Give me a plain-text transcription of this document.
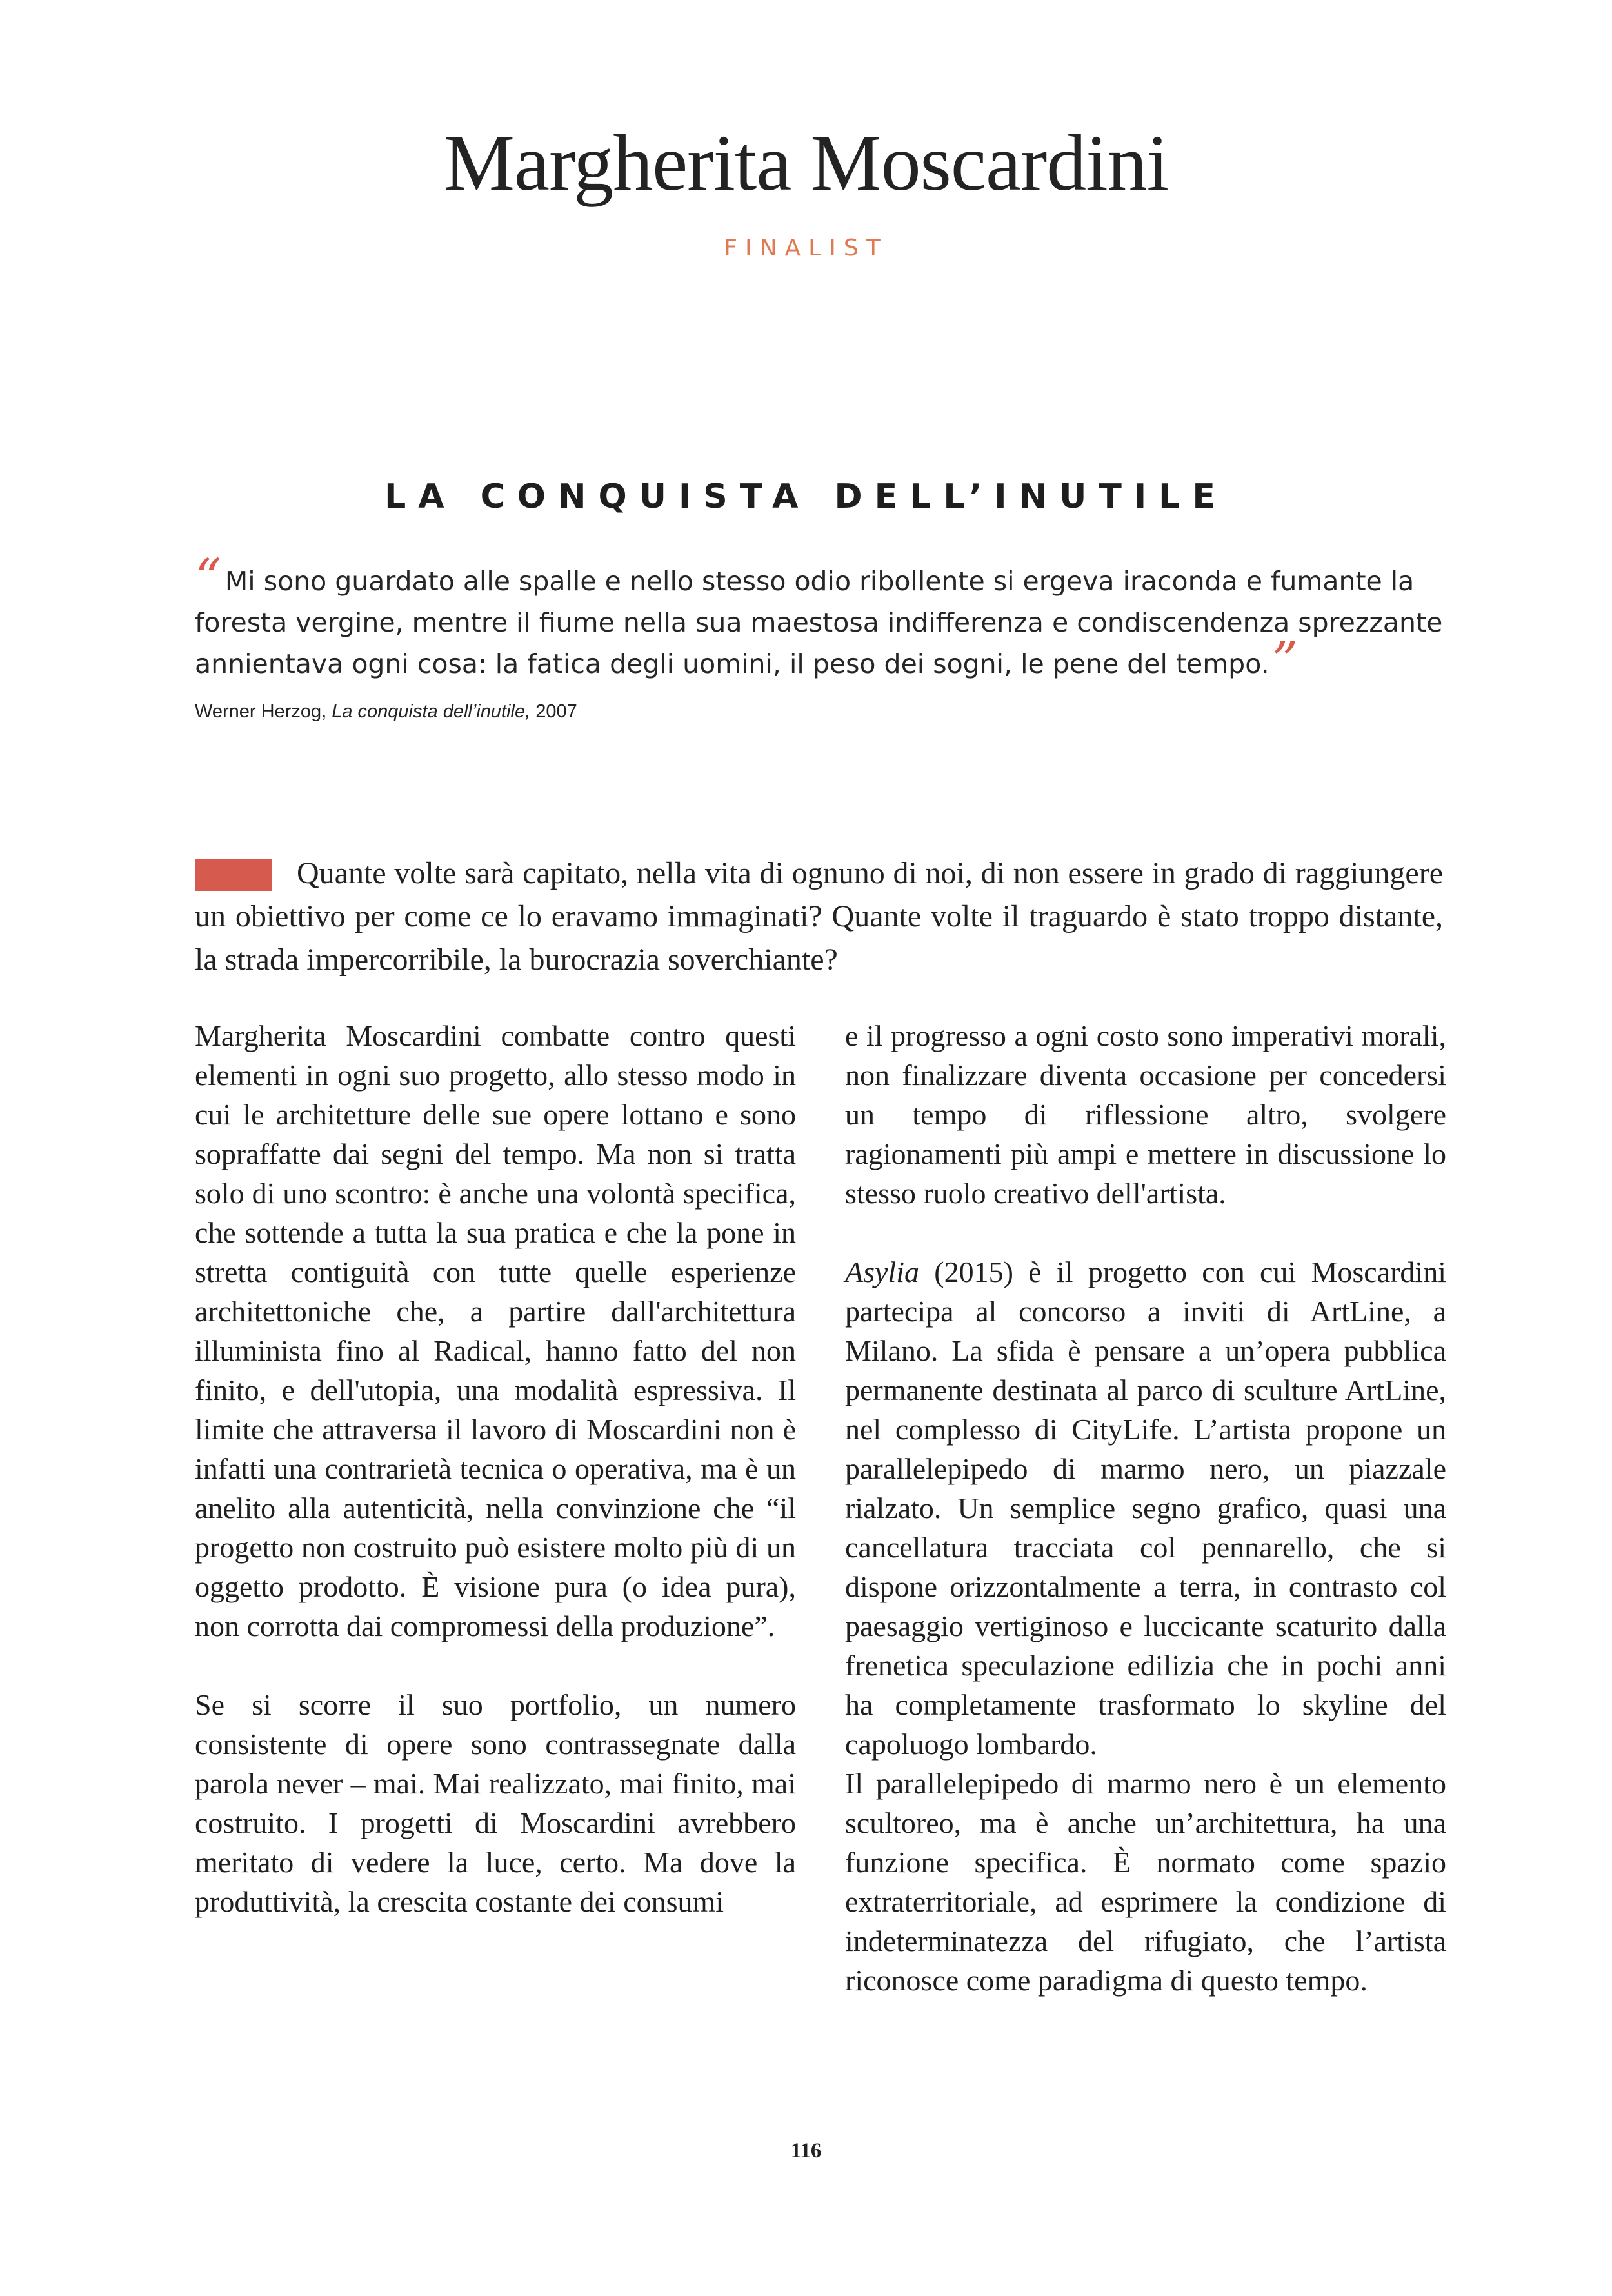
Margherita Moscardini
FINALIST
LA CONQUISTA DELL’INUTILE
“ Mi sono guardato alle spalle e nello stesso odio ribollente si ergeva iraconda e fumante la foresta vergine, mentre il fiume nella sua maestosa indifferenza e condiscendenza sprezzante annientava ogni cosa: la fatica degli uomini, il peso dei sogni, le pene del tempo.”
Werner Herzog, La conquista dell’inutile, 2007

Quante volte sarà capitato, nella vita di ognuno di noi, di non essere in grado di raggiungere un obiettivo per come ce lo eravamo immaginati? Quante volte il traguardo è stato troppo distante, la strada impercorribile, la burocrazia soverchiante?

Margherita Moscardini combatte contro questi elementi in ogni suo progetto, allo stesso modo in cui le architetture delle sue opere lottano e sono sopraffatte dai segni del tempo. Ma non si tratta solo di uno scontro: è anche una volontà specifica, che sottende a tutta la sua pratica e che la pone in stretta contiguità con tutte quelle esperienze architettoniche che, a partire dall'architettura illuminista fino al Radical, hanno fatto del non finito, e dell'utopia, una modalità espressiva. Il limite che attraversa il lavoro di Moscardini non è infatti una contrarietà tecnica o operativa, ma è un anelito alla autenticità, nella convinzione che “il progetto non costruito può esistere molto più di un oggetto prodotto. È visione pura (o idea pura), non corrotta dai compromessi della produzione”.

Se si scorre il suo portfolio, un numero consistente di opere sono contrassegnate dalla parola never – mai. Mai realizzato, mai finito, mai costruito. I progetti di Moscardini avrebbero meritato di vedere la luce, certo. Ma dove la produttività, la crescita costante dei consumi

e il progresso a ogni costo sono imperativi morali, non finalizzare diventa occasione per concedersi un tempo di riflessione altro, svolgere ragionamenti più ampi e mettere in discussione lo stesso ruolo creativo dell'artista.

Asylia (2015) è il progetto con cui Moscardini partecipa al concorso a inviti di ArtLine, a Milano. La sfida è pensare a un’opera pubblica permanente destinata al parco di sculture ArtLine, nel complesso di CityLife. L’artista propone un parallelepipedo di marmo nero, un piazzale rialzato. Un semplice segno grafico, quasi una cancellatura tracciata col pennarello, che si dispone orizzontalmente a terra, in contrasto col paesaggio vertiginoso e luccicante scaturito dalla frenetica speculazione edilizia che in pochi anni ha completamente trasformato lo skyline del capoluogo lombardo.

Il parallelepipedo di marmo nero è un elemento scultoreo, ma è anche un’architettura, ha una funzione specifica. È normato come spazio extraterritoriale, ad esprimere la condizione di indeterminatezza del rifugiato, che l’artista riconosce come paradigma di questo tempo.

116
